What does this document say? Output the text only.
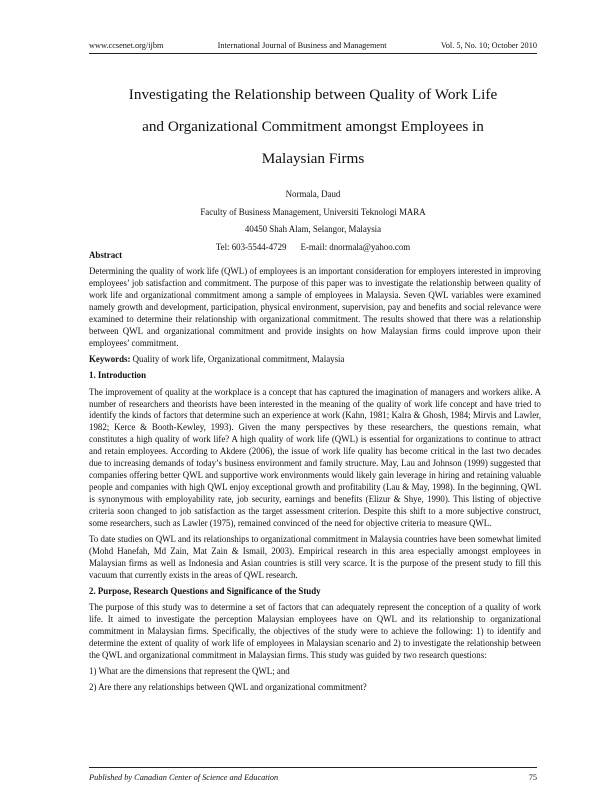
www.ccsenet.org/ijbm	International Journal of Business and Management	Vol. 5, No. 10; October 2010
Investigating the Relationship between Quality of Work Life
and Organizational Commitment amongst Employees in
Malaysian Firms
Normala, Daud
Faculty of Business Management, Universiti Teknologi MARA
40450 Shah Alam, Selangor, Malaysia
Tel: 603-5544-4729 E-mail: dnormala@yahoo.com
Abstract

Determining the quality of work life (QWL) of employees is an important consideration for employers interested in improving employees’ job satisfaction and commitment. The purpose of this paper was to investigate the relationship between quality of work life and organizational commitment among a sample of employees in Malaysia. Seven QWL variables were examined namely growth and development, participation, physical environment, supervision, pay and benefits and social relevance were examined to determine their relationship with organizational commitment. The results showed that there was a relationship between QWL and organizational commitment and provide insights on how Malaysian firms could improve upon their employees’ commitment.

Keywords: Quality of work life, Organizational commitment, Malaysia
1. Introduction

The improvement of quality at the workplace is a concept that has captured the imagination of managers and workers alike. A number of researchers and theorists have been interested in the meaning of the quality of work life concept and have tried to identify the kinds of factors that determine such an experience at work (Kahn, 1981; Kalra & Ghosh, 1984; Mirvis and Lawler, 1982; Kerce & Booth-Kewley, 1993). Given the many perspectives by these researchers, the questions remain, what constitutes a high quality of work life? A high quality of work life (QWL) is essential for organizations to continue to attract and retain employees. According to Akdere (2006), the issue of work life quality has become critical in the last two decades due to increasing demands of today’s business environment and family structure. May, Lau and Johnson (1999) suggested that companies offering better QWL and supportive work environments would likely gain leverage in hiring and retaining valuable people and companies with high QWL enjoy exceptional growth and profitability (Lau & May, 1998). In the beginning, QWL is synonymous with employability rate, job security, earnings and benefits (Elizur & Shye, 1990). This listing of objective criteria soon changed to job satisfaction as the target assessment criterion. Despite this shift to a more subjective construct, some researchers, such as Lawler (1975), remained convinced of the need for objective criteria to measure QWL.

To date studies on QWL and its relationships to organizational commitment in Malaysia countries have been somewhat limited (Mohd Hanefah, Md Zain, Mat Zain & Ismail, 2003). Empirical research in this area especially amongst employees in Malaysian firms as well as Indonesia and Asian countries is still very scarce. It is the purpose of the present study to fill this vacuum that currently exists in the areas of QWL research.

2. Purpose, Research Questions and Significance of the Study

The purpose of this study was to determine a set of factors that can adequately represent the conception of a quality of work life. It aimed to investigate the perception Malaysian employees have on QWL and its relationship to organizational commitment in Malaysian firms. Specifically, the objectives of the study were to achieve the following: 1) to identify and determine the extent of quality of work life of employees in Malaysian scenario and 2) to investigate the relationship between the QWL and organizational commitment in Malaysian firms. This study was guided by two research questions:

1) What are the dimensions that represent the QWL; and

2) Are there any relationships between QWL and organizational commitment?

Published by Canadian Center of Science and Education	75
